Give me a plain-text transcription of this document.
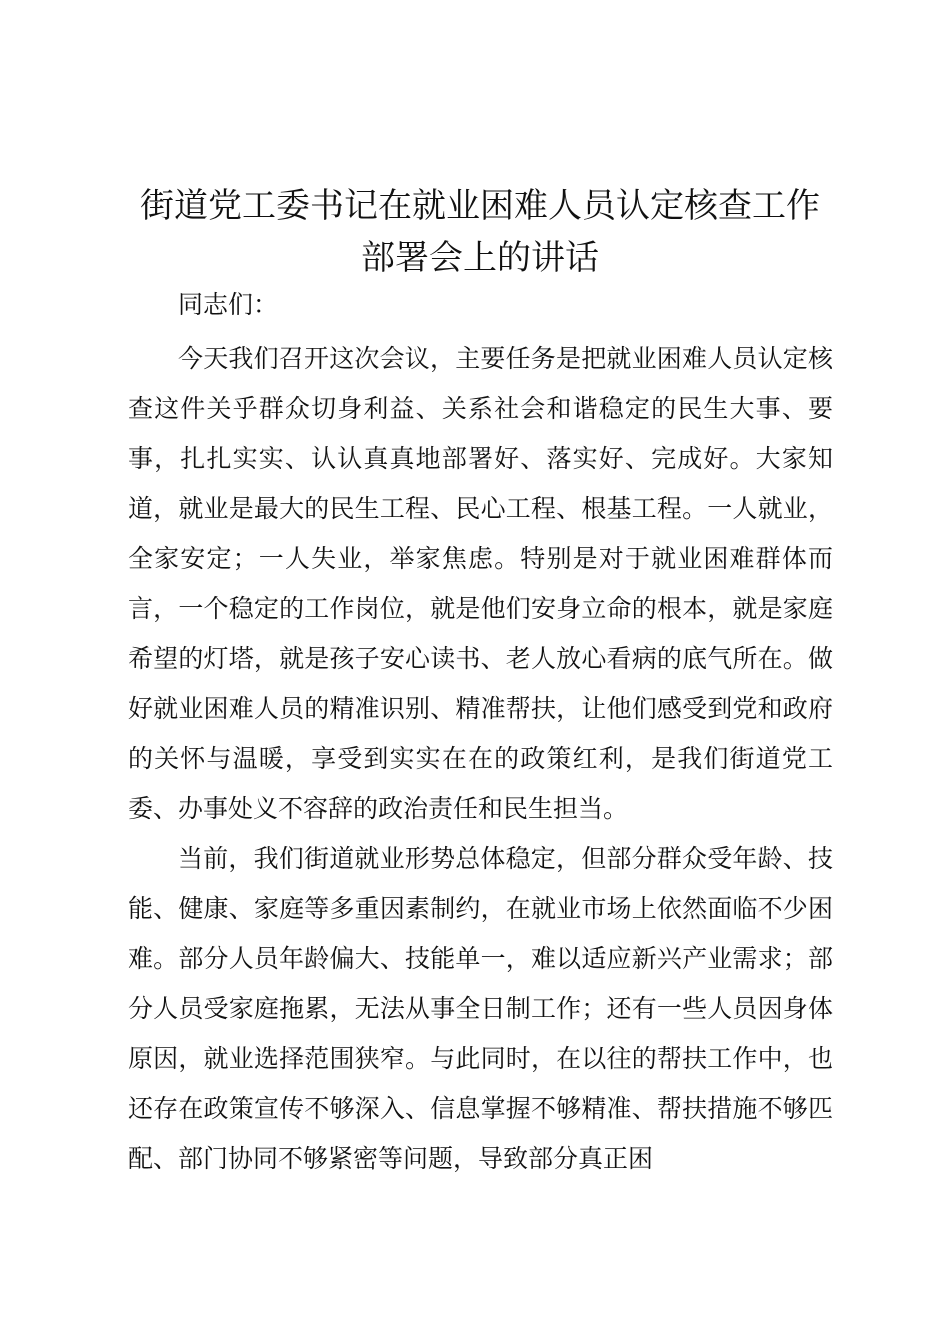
街道党工委书记在就业困难人员认定核查工作
部署会上的讲话

同志们：

今天我们召开这次会议，主要任务是把就业困难人员认定核查这件关乎群众切身利益、关系社会和谐稳定的民生大事、要事，扎扎实实、认认真真地部署好、落实好、完成好。大家知道，就业是最大的民生工程、民心工程、根基工程。一人就业，全家安定；一人失业，举家焦虑。特别是对于就业困难群体而言，一个稳定的工作岗位，就是他们安身立命的根本，就是家庭希望的灯塔，就是孩子安心读书、老人放心看病的底气所在。做好就业困难人员的精准识别、精准帮扶，让他们感受到党和政府的关怀与温暖，享受到实实在在的政策红利，是我们街道党工委、办事处义不容辞的政治责任和民生担当。

当前，我们街道就业形势总体稳定，但部分群众受年龄、技能、健康、家庭等多重因素制约，在就业市场上依然面临不少困难。部分人员年龄偏大、技能单一，难以适应新兴产业需求；部分人员受家庭拖累，无法从事全日制工作；还有一些人员因身体原因，就业选择范围狭窄。与此同时，在以往的帮扶工作中，也还存在政策宣传不够深入、信息掌握不够精准、帮扶措施不够匹配、部门协同不够紧密等问题，导致部分真正困
